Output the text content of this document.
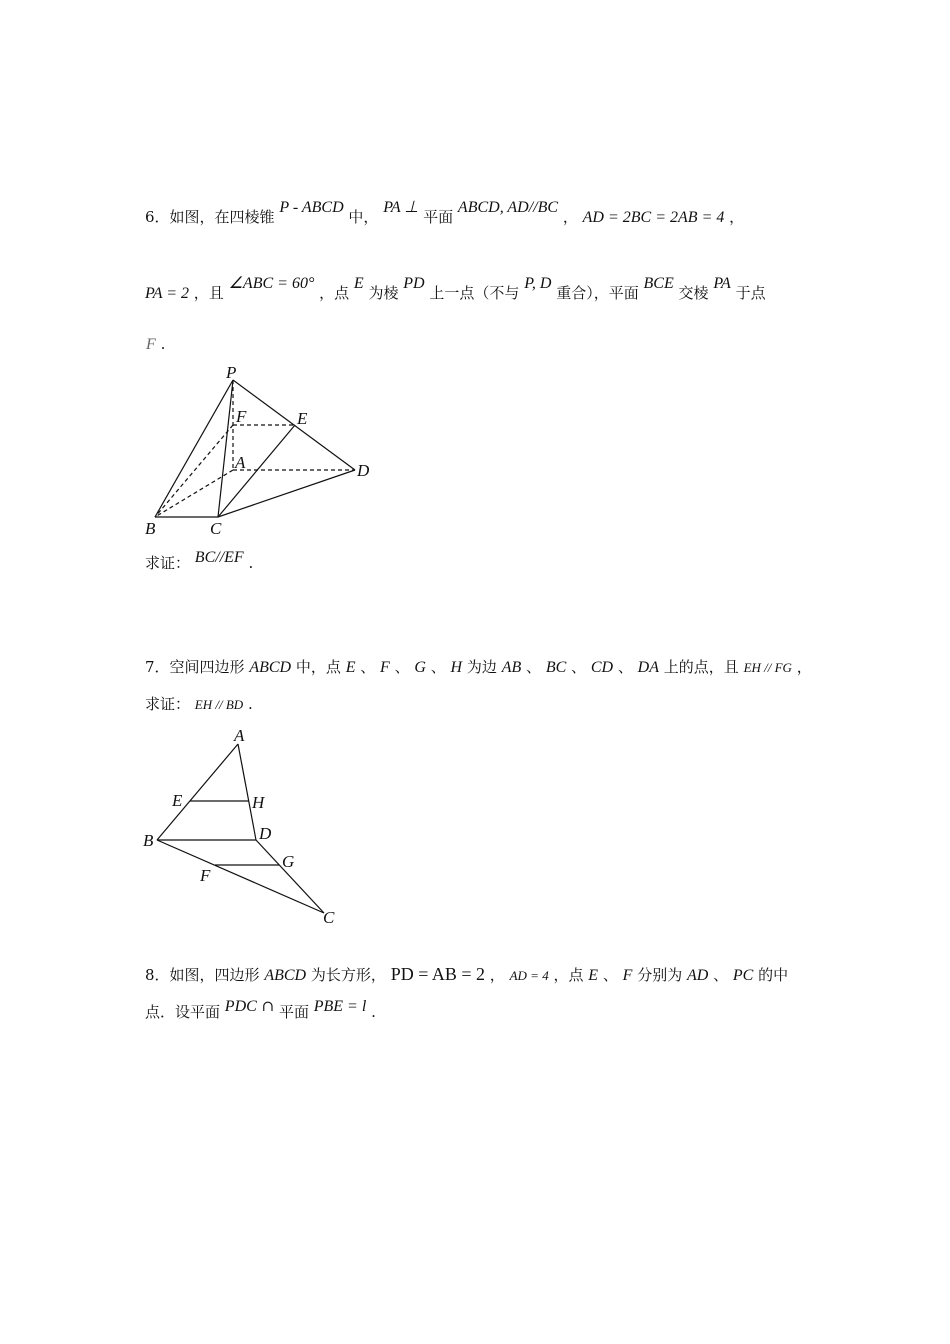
6．如图，在四棱锥 P - ABCD 中， PA ⊥ 平面 ABCD, AD//BC ， AD = 2BC = 2AB = 4 ，
PA = 2 ，且 ∠ABC = 60° ，点 E 为棱 PD 上一点（不与 P, D 重合），平面 BCE 交棱 PA 于点
F .
P
F	E
A	D
B	C
求证： BC//EF .
7．空间四边形 ABCD 中，点 E 、 F 、 G 、 H 为边 AB 、 BC 、 CD 、 DA 上的点，且 EH // FG ，
求证： EH // BD .
A
E	H
B	D
G
F
C
8．如图，四边形 ABCD 为长方形， PD = AB = 2 ， AD = 4 ，点 E 、 F 分别为 AD 、 PC 的中
点．设平面 PDC ∩ 平面 PBE = l .
